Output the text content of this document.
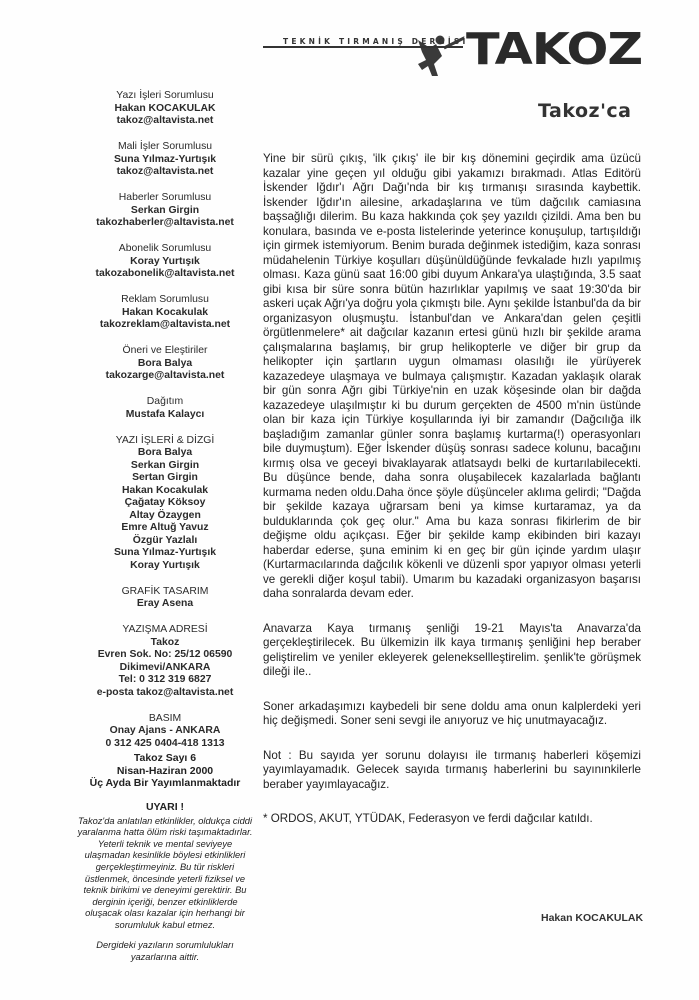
TEKNİK TIRMANIŞ DERGİSİ
TAKOZ
Yazı İşleri Sorumlusu
Hakan KOCAKULAK
takoz@altavista.net
Mali İşler Sorumlusu
Suna Yılmaz-Yurtışık
takoz@altavista.net
Haberler Sorumlusu
Serkan Girgin
takozhaberler@altavista.net
Abonelik Sorumlusu
Koray Yurtışık
takozabonelik@altavista.net
Reklam Sorumlusu
Hakan Kocakulak
takozreklam@altavista.net
Öneri ve Eleştiriler
Bora Balya
takozarge@altavista.net
Dağıtım
Mustafa Kalaycı
YAZI İŞLERİ & DİZGİ
Bora Balya
Serkan Girgin
Sertan Girgin
Hakan Kocakulak
Çağatay Köksoy
Altay Özaygen
Emre Altuğ Yavuz
Özgür Yazlalı
Suna Yılmaz-Yurtışık
Koray Yurtışık
GRAFİK TASARIM
Eray Asena
YAZIŞMA ADRESİ
Takoz
Evren Sok. No: 25/12 06590
Dikimevi/ANKARA
Tel: 0 312 319 6827
e-posta takoz@altavista.net
BASIM
Onay Ajans - ANKARA
0 312 425 0404-418 1313
Takoz Sayı 6
Nisan-Haziran 2000
Üç Ayda Bir Yayımlanmaktadır
UYARI !
Takoz'da anlatılan etkinlikler, oldukça ciddi yaralanma hatta ölüm riski taşımaktadırlar. Yeterli teknik ve mental seviyeye ulaşmadan kesinlikle böylesi etkinlikleri gerçekleştirmeyiniz. Bu tür riskleri üstlenmek, öncesinde yeterli fiziksel ve teknik birikimi ve deneyimi gerektirir. Bu derginin içeriği, benzer etkinliklerde oluşacak olası kazalar için herhangi bir sorumluluk kabul etmez.
Dergideki yazıların sorumlulukları yazarlarına aittir.
Takoz'ca

Yine bir sürü çıkış, 'ilk çıkış' ile bir kış dönemini geçirdik ama üzücü kazalar yine geçen yıl olduğu gibi yakamızı bırakmadı. Atlas Editörü İskender Iğdır'ı Ağrı Dağı'nda bir kış tırmanışı sırasında kaybettik. İskender Iğdır'ın ailesine, arkadaşlarına ve tüm dağcılık camiasına başsağlığı dilerim. Bu kaza hakkında çok şey yazıldı çizildi. Ama ben bu konulara, basında ve e-posta listelerinde yeterince konuşulup, tartışıldığı için girmek istemiyorum. Benim burada değinmek istediğim, kaza sonrası müdahelenin Türkiye koşulları düşünüldüğünde fevkalade hızlı yapılmış olması. Kaza günü saat 16:00 gibi duyum Ankara'ya ulaştığında, 3.5 saat gibi kısa bir süre sonra bütün hazırlıklar yapılmış ve saat 19:30'da bir askeri uçak Ağrı'ya doğru yola çıkmıştı bile. Aynı şekilde İstanbul'da da bir organizasyon oluşmuştu. İstanbul'dan ve Ankara'dan gelen çeşitli örgütlenmelere* ait dağcılar kazanın ertesi günü hızlı bir şekilde arama çalışmalarına başlamış, bir grup helikopterle ve diğer bir grup da helikopter için şartların uygun olmaması olasılığı ile yürüyerek kazazedeye ulaşmaya ve bulmaya çalışmıştır. Kazadan yaklaşık olarak bir gün sonra Ağrı gibi Türkiye'nin en uzak köşesinde olan bir dağda kazazedeye ulaşılmıştır ki bu durum gerçekten de 4500 m'nin üstünde olan bir kaza için Türkiye koşullarında iyi bir zamandır (Dağcılığa ilk başladığım zamanlar günler sonra başlamış kurtarma(!) operasyonları bile duymuştum). Eğer İskender düşüş sonrası sadece kolunu, bacağını kırmış olsa ve geceyi bivaklayarak atlatsaydı belki de kurtarılabilecekti. Bu düşünce bende, daha sonra oluşabilecek kazalarlada bağlantı kurmama neden oldu.Daha önce şöyle düşünceler aklıma gelirdi; "Dağda bir şekilde kazaya uğrarsam beni ya kimse kurtaramaz, ya da bulduklarında çok geç olur." Ama bu kaza sonrası fikirlerim de bir değişme oldu açıkçası. Eğer bir şekilde kamp ekibinden biri kazayı haberdar ederse, şuna eminim ki en geç bir gün içinde yardım ulaşır (Kurtarmacılarında dağcılık kökenli ve düzenli spor yapıyor olması yeterli ve gerekli diğer koşul tabii). Umarım bu kazadaki organizasyon başarısı daha sonralarda devam eder.

Anavarza Kaya tırmanış şenliği 19-21 Mayıs'ta Anavarza'da gerçekleştirilecek. Bu ülkemizin ilk kaya tırmanış şenliğini hep beraber geliştirelim ve yeniler ekleyerek geleneksellleştirelim. şenlik'te görüşmek dileği ile..

Soner arkadaşımızı kaybedeli bir sene doldu ama onun kalplerdeki yeri hiç değişmedi. Soner seni sevgi ile anıyoruz ve hiç unutmayacağız.

Not : Bu sayıda yer sorunu dolayısı ile tırmanış haberleri köşemizi yayımlayamadık. Gelecek sayıda tırmanış haberlerini bu sayınınkilerle beraber yayımlayacağız.

* ORDOS, AKUT, YTÜDAK, Federasyon ve ferdi dağcılar katıldı.

Hakan KOCAKULAK
